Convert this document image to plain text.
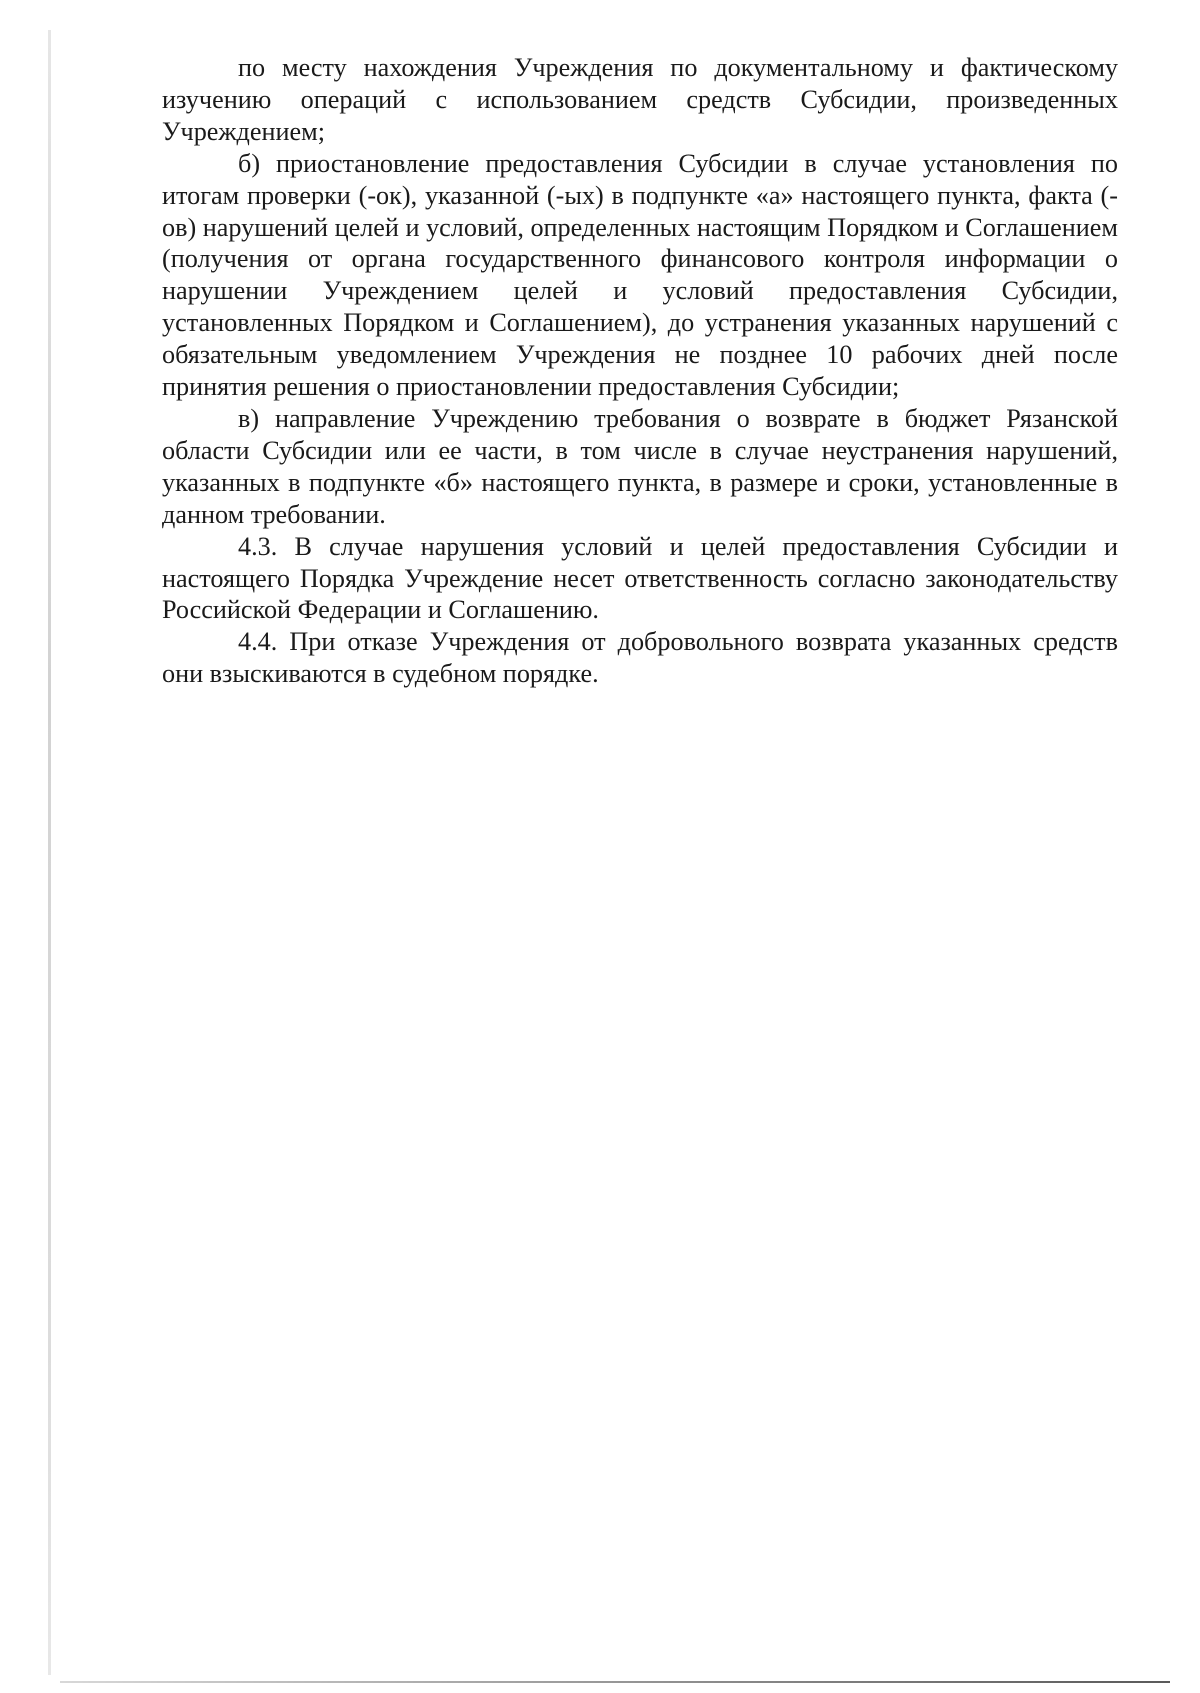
по месту нахождения Учреждения по документальному и фактическому изучению операций с использованием средств Субсидии, произведенных Учреждением;

б) приостановление предоставления Субсидии в случае установления по итогам проверки (-ок), указанной (-ых) в подпункте «а» настоящего пункта, факта (-ов) нарушений целей и условий, определенных настоящим Порядком и Соглашением (получения от органа государственного финансового контроля информации о нарушении Учреждением целей и условий предоставления Субсидии, установленных Порядком и Соглашением), до устранения указанных нарушений с обязательным уведомлением Учреждения не позднее 10 рабочих дней после принятия решения о приостановлении предоставления Субсидии;

в) направление Учреждению требования о возврате в бюджет Рязанской области Субсидии или ее части, в том числе в случае неустранения нарушений, указанных в подпункте «б» настоящего пункта, в размере и сроки, установленные в данном требовании.

4.3. В случае нарушения условий и целей предоставления Субсидии и настоящего Порядка Учреждение несет ответственность согласно законодательству Российской Федерации и Соглашению.

4.4. При отказе Учреждения от добровольного возврата указанных средств они взыскиваются в судебном порядке.
